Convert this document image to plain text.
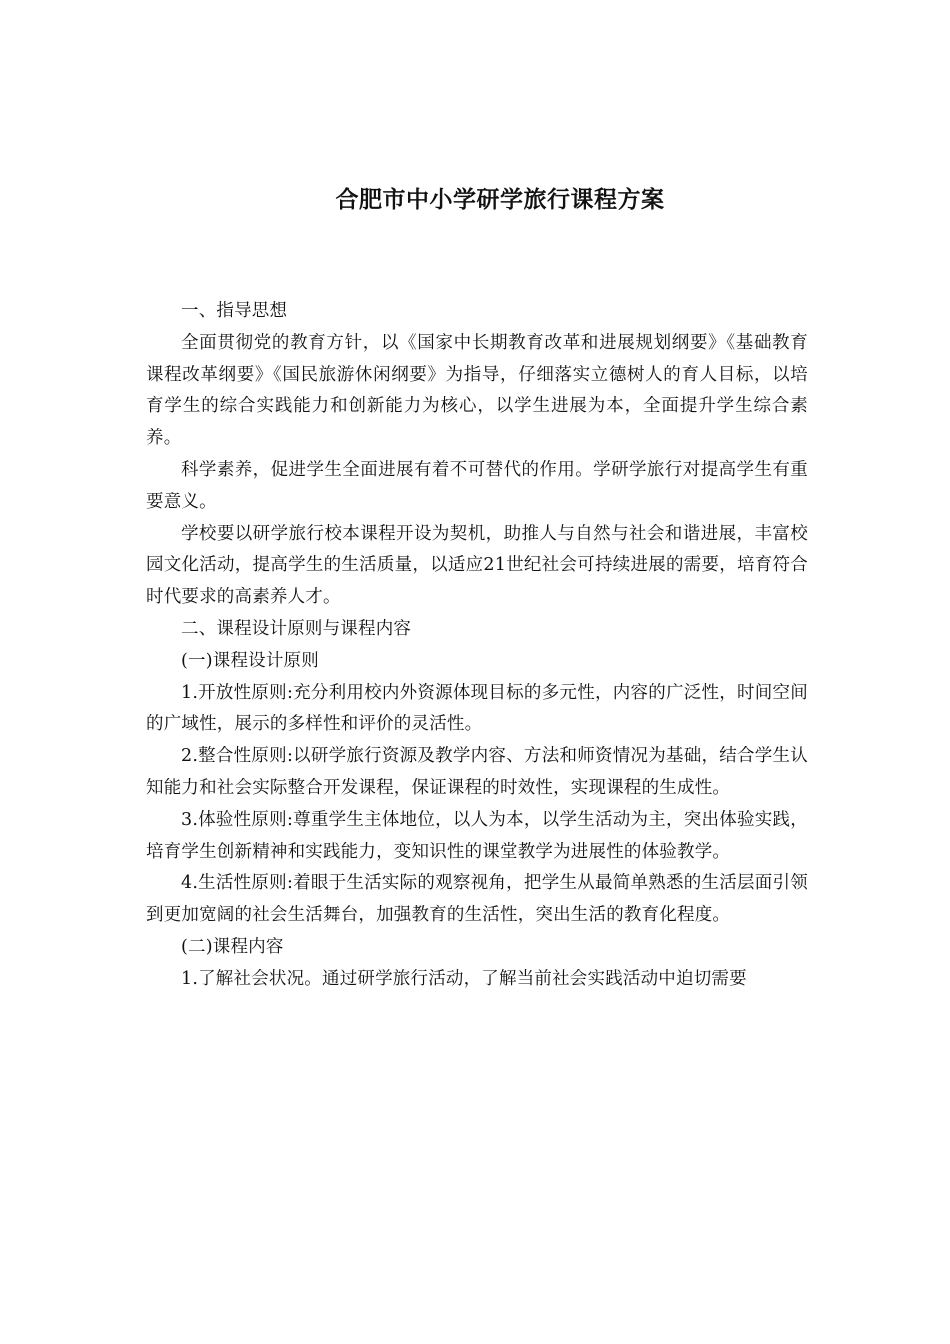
合肥市中小学研学旅行课程方案

一、指导思想

全面贯彻党的教育方针，以《国家中长期教育改革和进展规划纲要》《基础教育课程改革纲要》《国民旅游休闲纲要》为指导，仔细落实立德树人的育人目标，以培育学生的综合实践能力和创新能力为核心，以学生进展为本，全面提升学生综合素养。

科学素养，促进学生全面进展有着不可替代的作用。学研学旅行对提高学生有重要意义。

学校要以研学旅行校本课程开设为契机，助推人与自然与社会和谐进展，丰富校园文化活动，提高学生的生活质量，以适应21世纪社会可持续进展的需要，培育符合时代要求的高素养人才。

二、课程设计原则与课程内容

(一)课程设计原则

1.开放性原则:充分利用校内外资源体现目标的多元性，内容的广泛性，时间空间的广域性，展示的多样性和评价的灵活性。

2.整合性原则:以研学旅行资源及教学内容、方法和师资情况为基础，结合学生认知能力和社会实际整合开发课程，保证课程的时效性，实现课程的生成性。

3.体验性原则:尊重学生主体地位，以人为本，以学生活动为主，突出体验实践，培育学生创新精神和实践能力，变知识性的课堂教学为进展性的体验教学。

4.生活性原则:着眼于生活实际的观察视角，把学生从最简单熟悉的生活层面引领到更加宽阔的社会生活舞台，加强教育的生活性，突出生活的教育化程度。

(二)课程内容

1.了解社会状况。通过研学旅行活动，了解当前社会实践活动中迫切需要
